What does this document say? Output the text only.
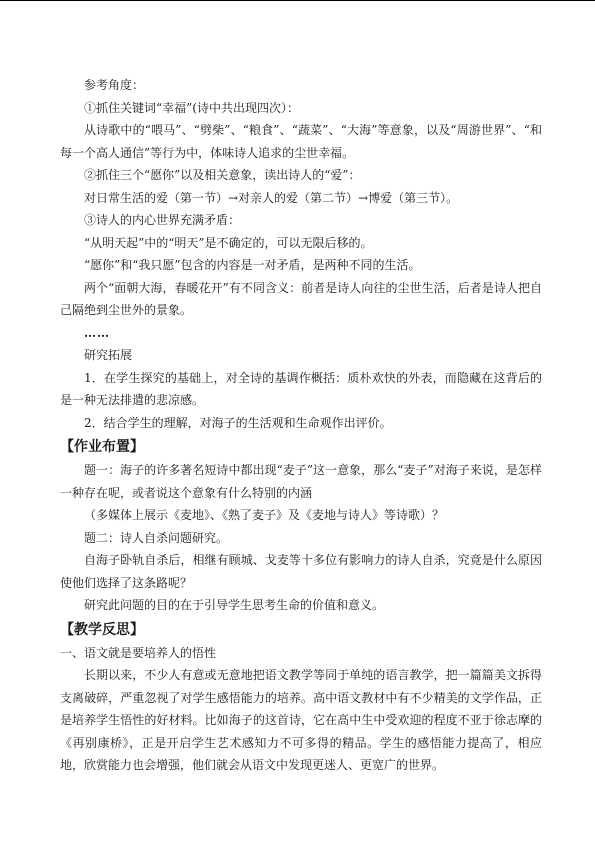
参考角度：

①抓住关键词“幸福”(诗中共出现四次）：

从诗歌中的“喂马”、“劈柴”、“粮食”、“蔬菜”、“大海”等意象，以及“周游世界”、“和每一个高人通信”等行为中，体味诗人追求的尘世幸福。

②抓住三个“愿你”以及相关意象，读出诗人的“爱”：

对日常生活的爱（第一节）→对亲人的爱（第二节）→博爱（第三节）。

③诗人的内心世界充满矛盾：

“从明天起”中的“明天”是不确定的，可以无限后移的。

“愿你”和“我只愿”包含的内容是一对矛盾，是两种不同的生活。

两个“面朝大海，春暖花开”有不同含义：前者是诗人向往的尘世生活，后者是诗人把自己隔绝到尘世外的景象。

……

研究拓展

1．在学生探究的基础上，对全诗的基调作概括：质朴欢快的外表，而隐藏在这背后的是一种无法排遣的悲凉感。

2．结合学生的理解，对海子的生活观和生命观作出评价。

【作业布置】

题一：海子的许多著名短诗中都出现“麦子”这一意象，那么“麦子”对海子来说，是怎样一种存在呢，或者说这个意象有什么特别的内涵

（多媒体上展示《麦地》、《熟了麦子》及《麦地与诗人》等诗歌）？

题二：诗人自杀问题研究。

自海子卧轨自杀后，相继有顾城、戈麦等十多位有影响力的诗人自杀，究竟是什么原因使他们选择了这条路呢？

研究此问题的目的在于引导学生思考生命的价值和意义。

【教学反思】

一、语文就是要培养人的悟性

长期以来，不少人有意或无意地把语文教学等同于单纯的语言教学，把一篇篇美文拆得支离破碎，严重忽视了对学生感悟能力的培养。高中语文教材中有不少精美的文学作品，正是培养学生悟性的好材料。比如海子的这首诗，它在高中生中受欢迎的程度不亚于徐志摩的《再别康桥》，正是开启学生艺术感知力不可多得的精品。学生的感悟能力提高了，相应地，欣赏能力也会增强，他们就会从语文中发现更迷人、更宽广的世界。
